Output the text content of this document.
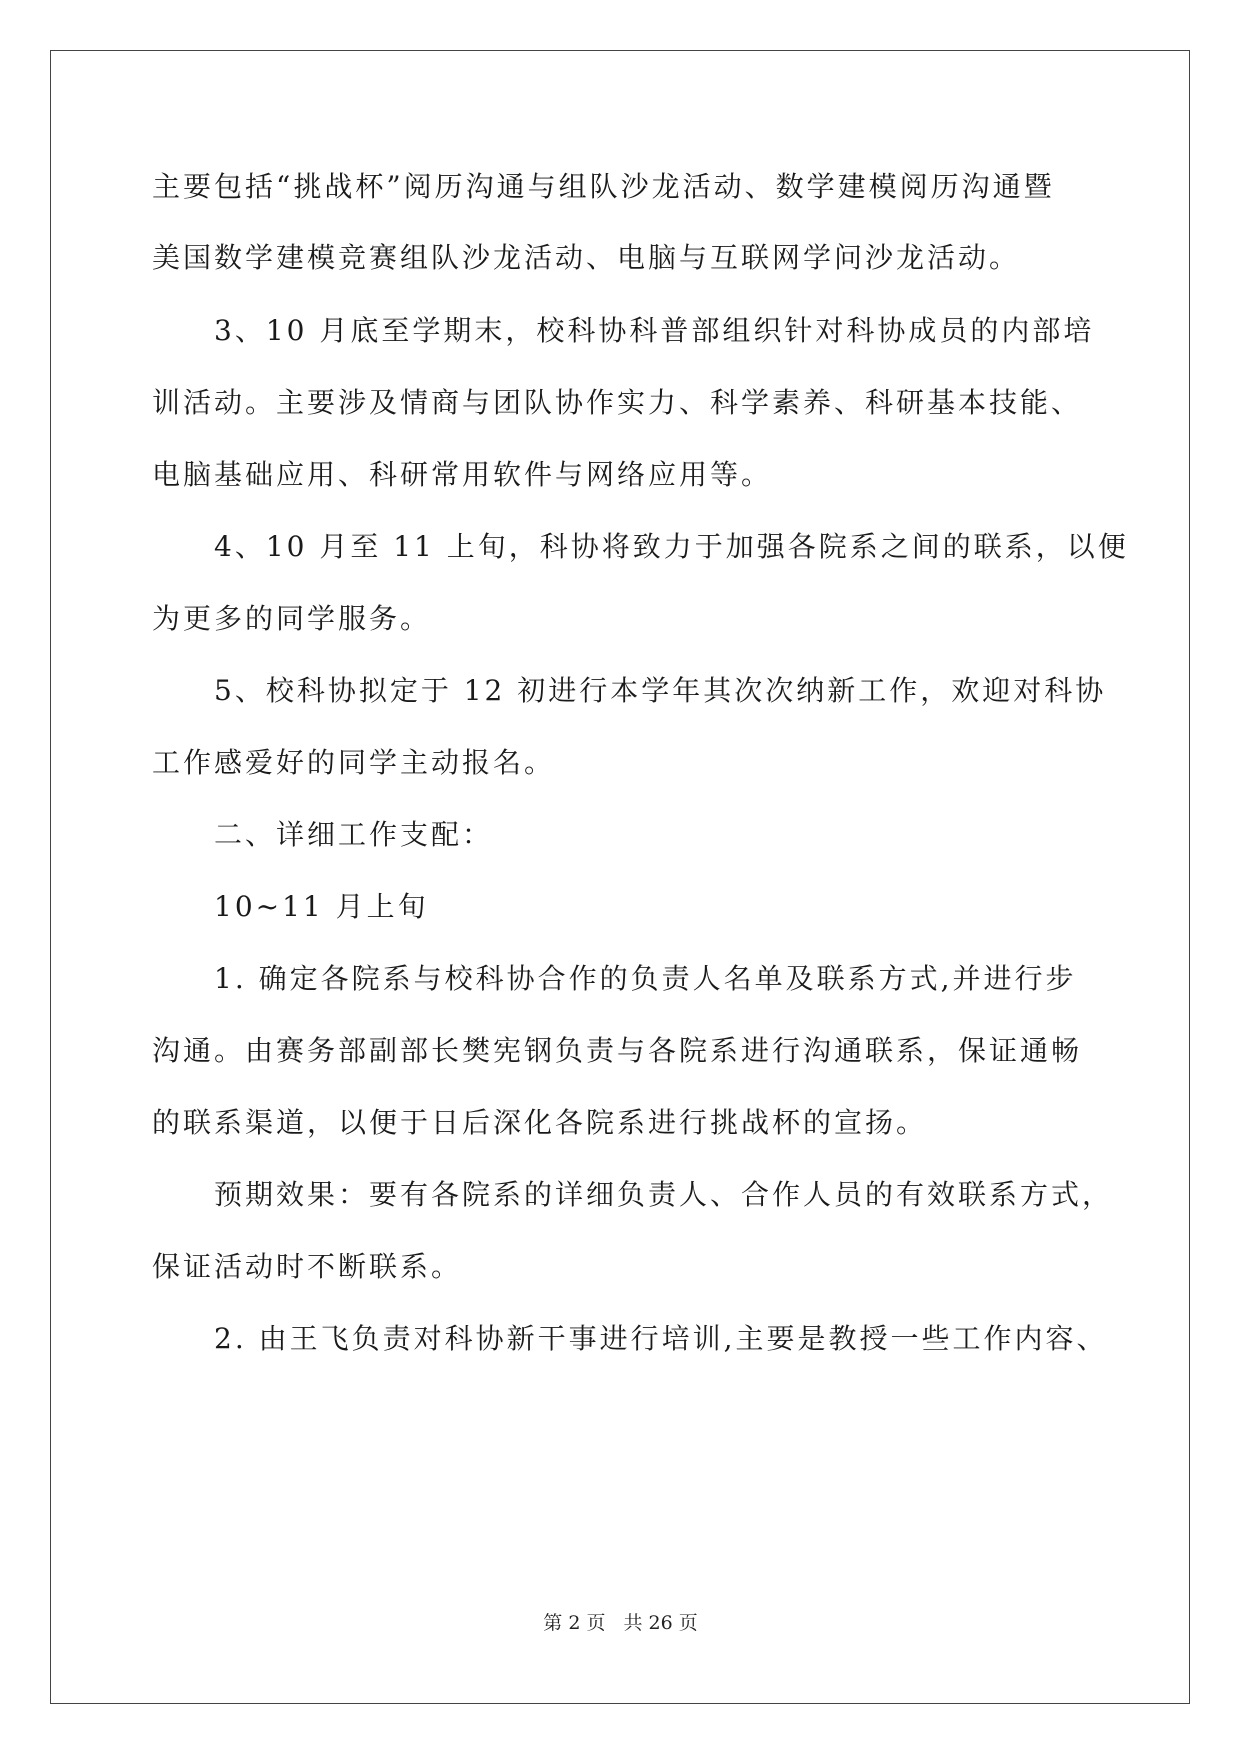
主要包括“挑战杯”阅历沟通与组队沙龙活动、数学建模阅历沟通暨
美国数学建模竞赛组队沙龙活动、电脑与互联网学问沙龙活动。
3、10 月底至学期末，校科协科普部组织针对科协成员的内部培
训活动。主要涉及情商与团队协作实力、科学素养、科研基本技能、
电脑基础应用、科研常用软件与网络应用等。
4、10 月至 11 上旬，科协将致力于加强各院系之间的联系，以便
为更多的同学服务。
5、校科协拟定于 12 初进行本学年其次次纳新工作，欢迎对科协
工作感爱好的同学主动报名。
二、详细工作支配：
10~11 月上旬
1. 确定各院系与校科协合作的负责人名单及联系方式,并进行步
沟通。由赛务部副部长樊宪钢负责与各院系进行沟通联系，保证通畅
的联系渠道，以便于日后深化各院系进行挑战杯的宣扬。
预期效果：要有各院系的详细负责人、合作人员的有效联系方式，
保证活动时不断联系。
2. 由王飞负责对科协新干事进行培训,主要是教授一些工作内容、
第 2 页 共 26 页
